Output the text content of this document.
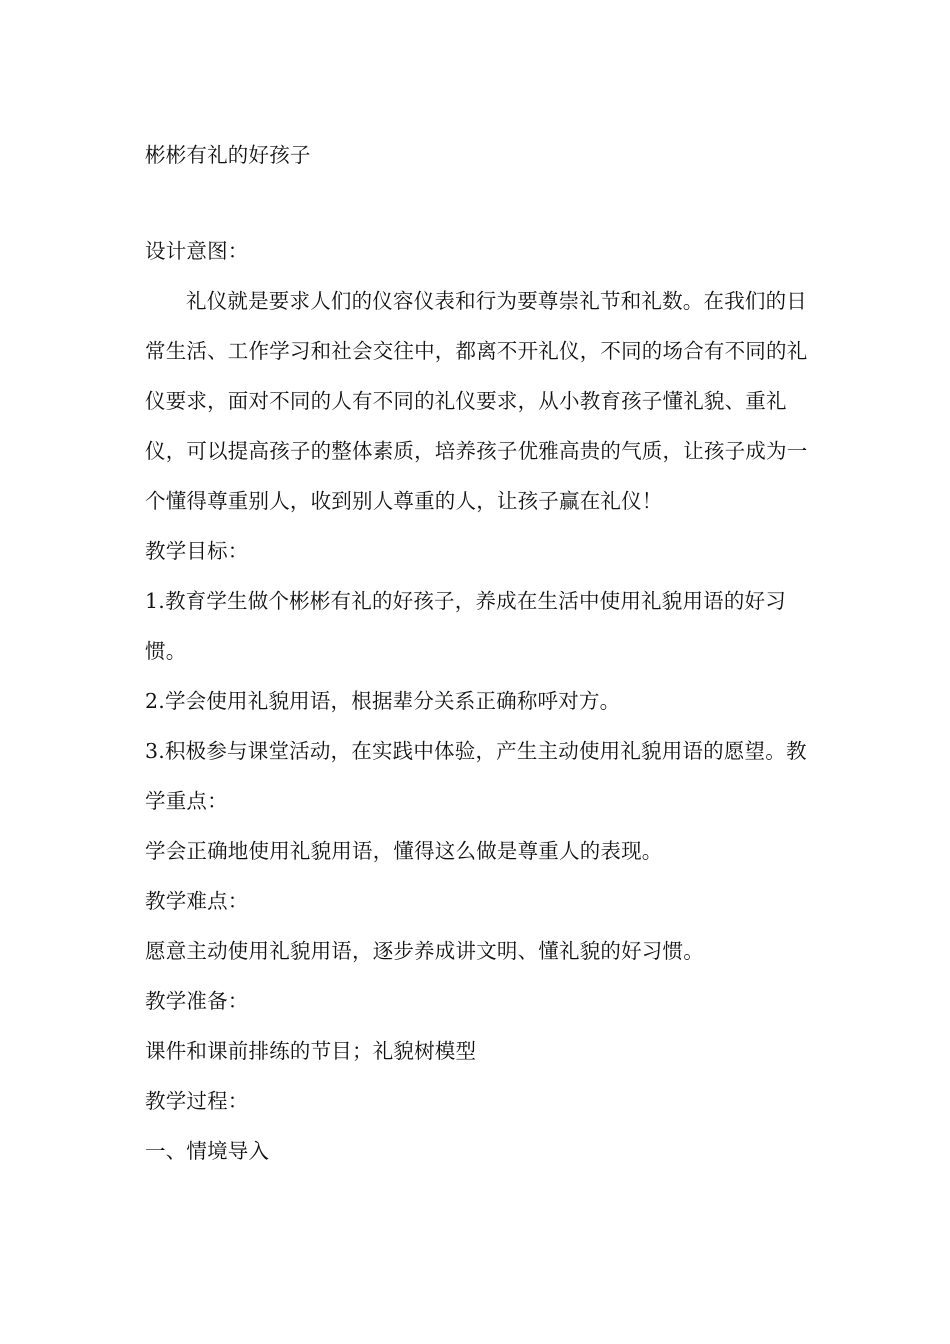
彬彬有礼的好孩子

设计意图：

礼仪就是要求人们的仪容仪表和行为要尊崇礼节和礼数。在我们的日常生活、工作学习和社会交往中，都离不开礼仪，不同的场合有不同的礼仪要求，面对不同的人有不同的礼仪要求，从小教育孩子懂礼貌、重礼仪，可以提高孩子的整体素质，培养孩子优雅高贵的气质，让孩子成为一个懂得尊重别人，收到别人尊重的人，让孩子赢在礼仪！

教学目标：

1.教育学生做个彬彬有礼的好孩子，养成在生活中使用礼貌用语的好习惯。

2.学会使用礼貌用语，根据辈分关系正确称呼对方。

3.积极参与课堂活动，在实践中体验，产生主动使用礼貌用语的愿望。教学重点：

学会正确地使用礼貌用语，懂得这么做是尊重人的表现。

教学难点：

愿意主动使用礼貌用语，逐步养成讲文明、懂礼貌的好习惯。

教学准备：

课件和课前排练的节目；礼貌树模型

教学过程：

一、情境导入
